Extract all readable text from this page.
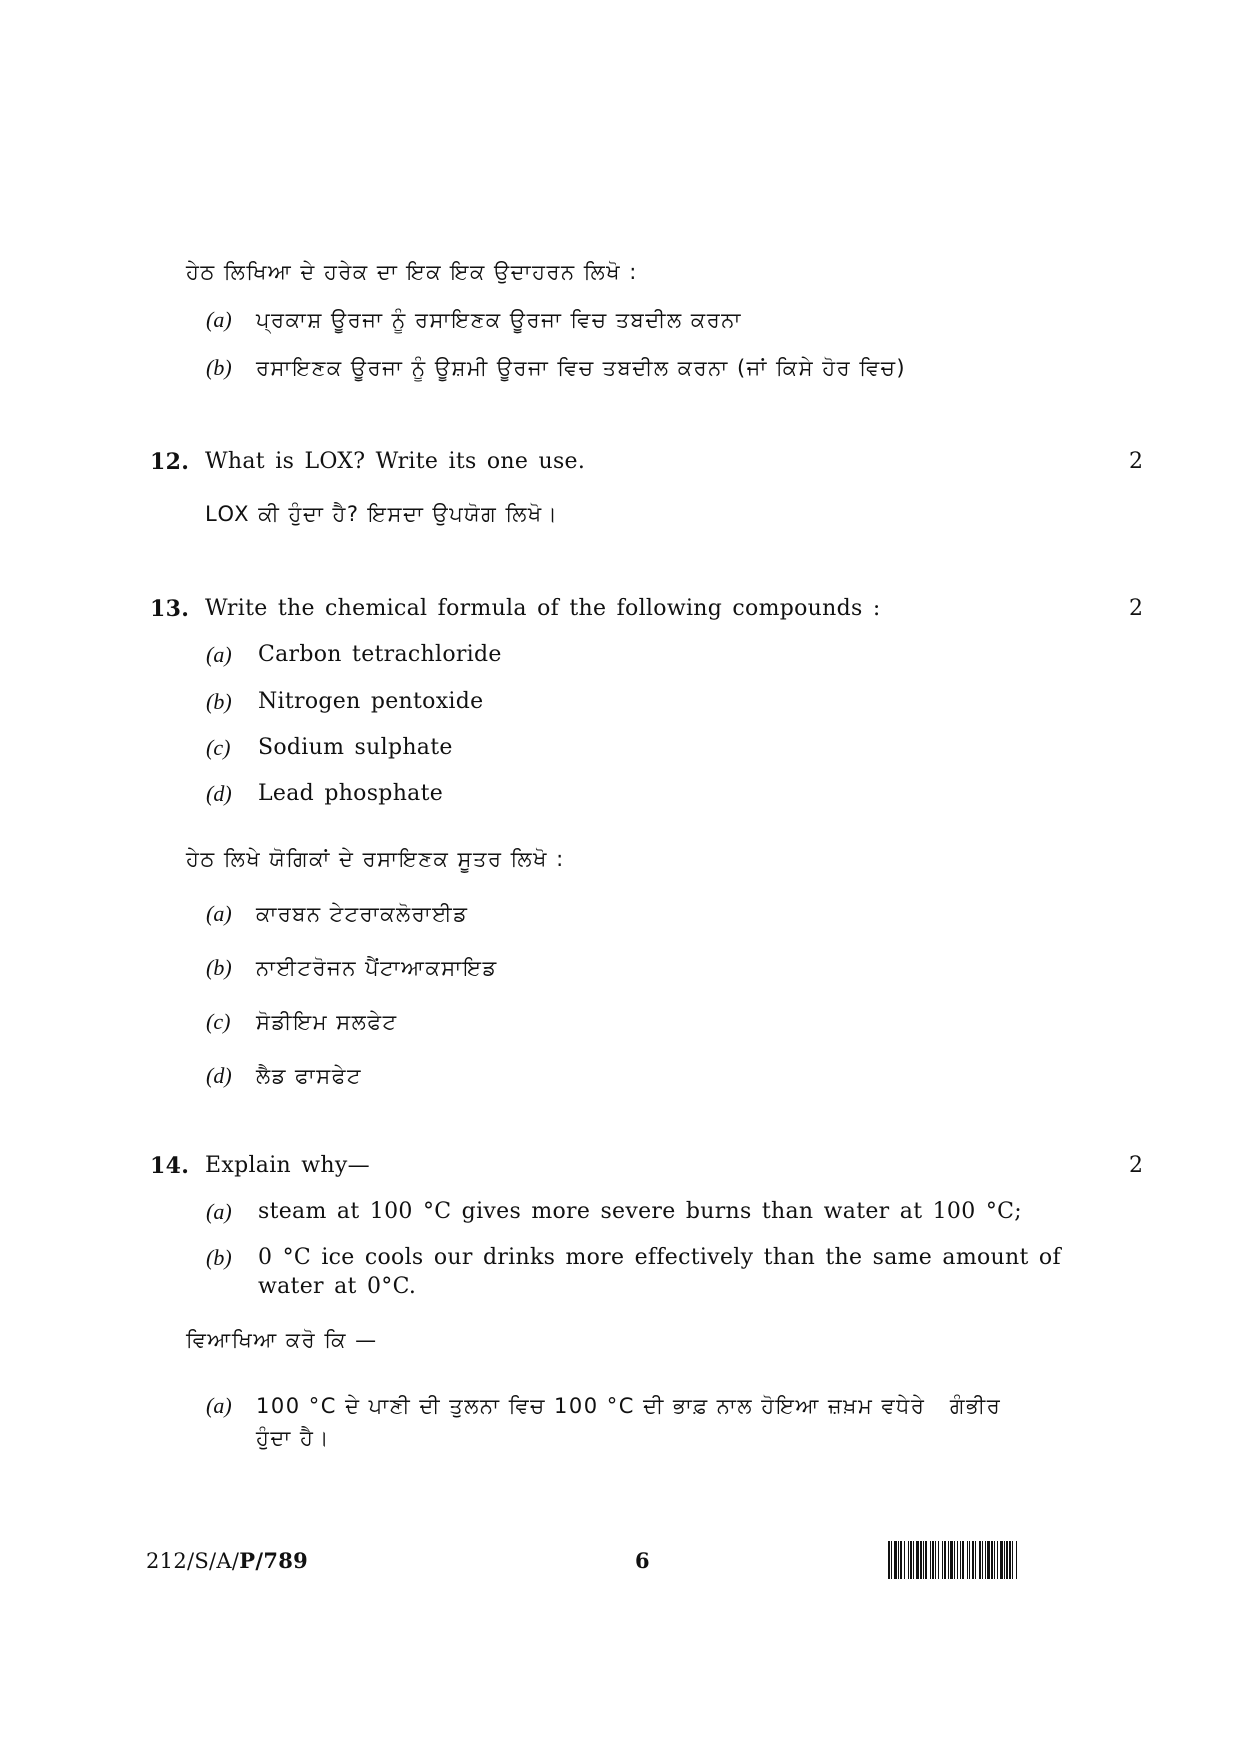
ਹੇਠ ਲਿਖਿਆ ਦੇ ਹਰੇਕ ਦਾ ਇਕ ਇਕ ਉਦਾਹਰਨ ਲਿਖੋ :
(a) ਪ੍ਰਕਾਸ਼ ਊਰਜਾ ਨੂੰ ਰਸਾਇਣਕ ਊਰਜਾ ਵਿਚ ਤਬਦੀਲ ਕਰਨਾ
(b) ਰਸਾਇਣਕ ਊਰਜਾ ਨੂੰ ਊਸ਼ਮੀ ਊਰਜਾ ਵਿਚ ਤਬਦੀਲ ਕਰਨਾ (ਜਾਂ ਕਿਸੇ ਹੋਰ ਵਿਚ)
12. What is LOX? Write its one use.	2
LOX ਕੀ ਹੁੰਦਾ ਹੈ? ਇਸਦਾ ਉਪਯੋਗ ਲਿਖੋ।
13. Write the chemical formula of the following compounds :	2
(a) Carbon tetrachloride
(b) Nitrogen pentoxide
(c) Sodium sulphate
(d) Lead phosphate
ਹੇਠ ਲਿਖੇ ਯੋਗਿਕਾਂ ਦੇ ਰਸਾਇਣਕ ਸੂਤਰ ਲਿਖੋ :
(a) ਕਾਰਬਨ ਟੇਟਰਾਕਲੋਰਾਈਡ
(b) ਨਾਈਟਰੋਜਨ ਪੈਂਟਾਆਕਸਾਇਡ
(c) ਸੋਡੀਇਮ ਸਲਫੇਟ
(d) ਲੈਡ ਫਾਸਫੇਟ
14. Explain why—	2
(a) steam at 100 °C gives more severe burns than water at 100 °C;
(b) 0 °C ice cools our drinks more effectively than the same amount of
water at 0°C.
ਵਿਆਖਿਆ ਕਰੋ ਕਿ —
(a) 100 °C ਦੇ ਪਾਣੀ ਦੀ ਤੁਲਨਾ ਵਿਚ 100 °C ਦੀ ਭਾਫ਼ ਨਾਲ ਹੋਇਆ ਜ਼ਖ਼ਮ ਵਧੇਰੇ   ਗੰਭੀਰ
ਹੁੰਦਾ ਹੈ।
212/S/A/P/789	6
